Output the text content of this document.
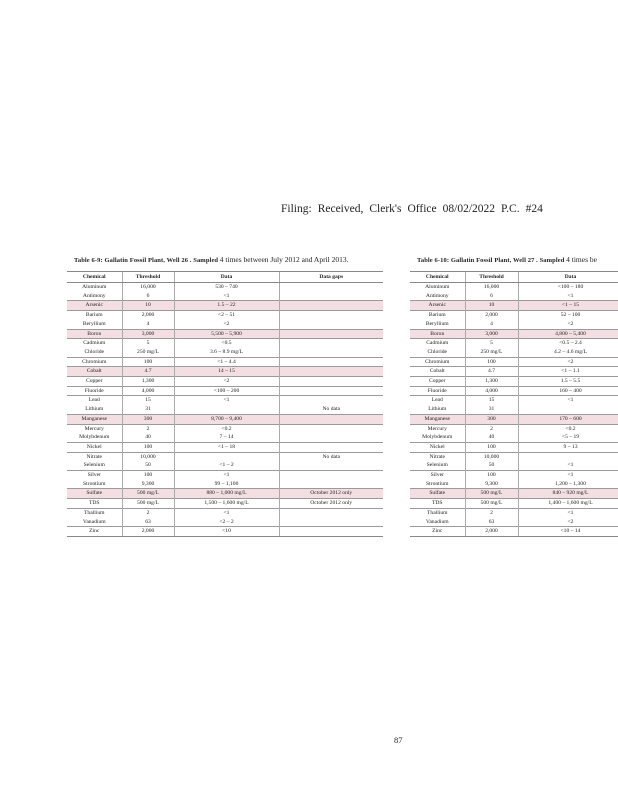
Filing: Received, Clerk's Office 08/02/2022 P.C. #24
Table 6-9: Gallatin Fossil Plant, Well 26 . Sampled 4 times between July 2012 and April 2013.
Chemical	Threshold	Data	Data gaps
Aluminum	16,000	530 – 740	
Antimony	6	<1	
Arsenic	10	1.5 – 22	
Barium	2,000	<2 – 51	
Beryllium	4	<2	
Boron	3,000	5,500 – 5,900	
Cadmium	5	<0.5	
Chloride	250 mg/L	3.6 – 8.9 mg/L	
Chromium	100	<1 – 4.4	
Cobalt	4.7	14 – 15	
Copper	1,300	<2	
Fluoride	4,000	<100 – 200	
Lead	15	<1	
Lithium	31		No data
Manganese	300	8,700 – 9,400	
Mercury	2	<0.2	
Molybdenum	40	7 – 14	
Nickel	100	<1 – 18	
Nitrate	10,000		No data
Selenium	50	<1 – 2	
Silver	100	<1	
Strontium	9,300	99 – 1,100	
Sulfate	500 mg/L	880 – 1,000 mg/L	October 2012 only
TDS	500 mg/L	1,500 – 1,600 mg/L	October 2012 only
Thallium	2	<1	
Vanadium	63	<2 – 2	
Zinc	2,000	<10	
Table 6-10: Gallatin Fossil Plant, Well 27 . Sampled 4 times be
Chemical	Threshold	Data	
Aluminum	16,000	<100 – 180	
Antimony	6	<1	
Arsenic	10	<1 – 15	
Barium	2,000	52 – 100	
Beryllium	4	<2	
Boron	3,000	4,800 – 5,400	
Cadmium	5	<0.5 – 2.4	
Chloride	250 mg/L	4.2 – 4.6 mg/L	
Chromium	100	<2	
Cobalt	4.7	<1 – 1.1	
Copper	1,300	1.5 – 5.5	
Fluoride	4,000	160 – 400	
Lead	15	<1	
Lithium	31		
Manganese	300	170 – 600	
Mercury	2	<0.2	
Molybdenum	40	<5 – 19	
Nickel	100	9 – 13	
Nitrate	10,000		
Selenium	50	<1	
Silver	100	<1	
Strontium	9,300	1,200 – 1,300	
Sulfate	500 mg/L	840 – 920 mg/L	
TDS	500 mg/L	1,400 – 1,600 mg/L	
Thallium	2	<1	
Vanadium	63	<2	
Zinc	2,000	<10 – 14	
87
